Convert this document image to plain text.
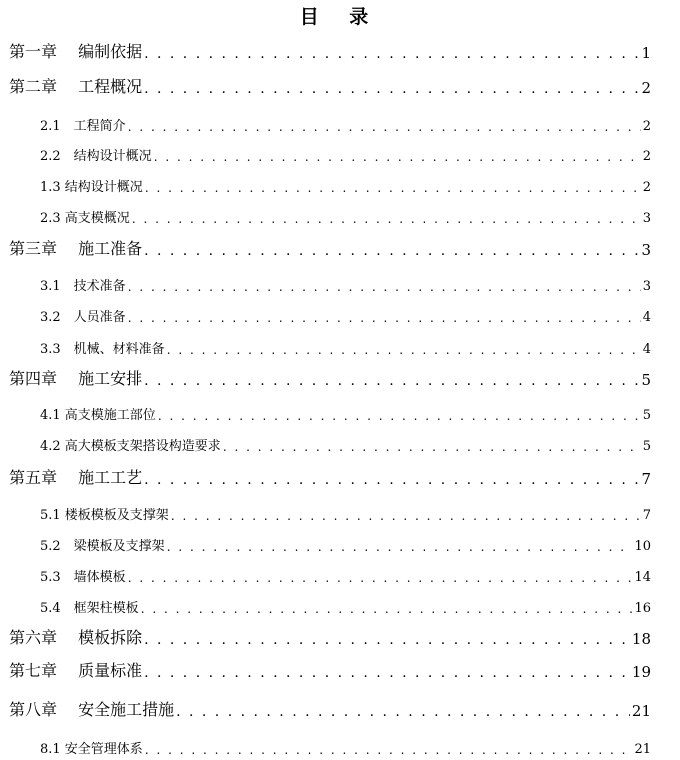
目 录
第一章　 编制依据 . . .	1
第二章　 工程概况 . . .	2
2.1　工程简介 . . .	2
2.2　结构设计概况 . . .	2
1.3 结构设计概况 . . .	2
2.3 高支模概况 . . .	3
第三章　 施工准备 . . .	3
3.1　技术准备 . . .	3
3.2　人员准备 . . .	4
3.3　机械、材料准备 . . .	4
第四章　 施工安排 . . .	5
4.1 高支模施工部位 . . .	5
4.2 高大模板支架搭设构造要求 . . .	5
第五章　 施工工艺 . . .	7
5.1 楼板模板及支撑架 . . .	7
5.2　梁模板及支撑架 . . .	10
5.3　墙体模板 . . .	14
5.4　框架柱模板 . . .	16
第六章　 模板拆除 . . .	18
第七章　 质量标准 . . .	19
第八章　 安全施工措施 . . .	21
8.1 安全管理体系 . . .	21
